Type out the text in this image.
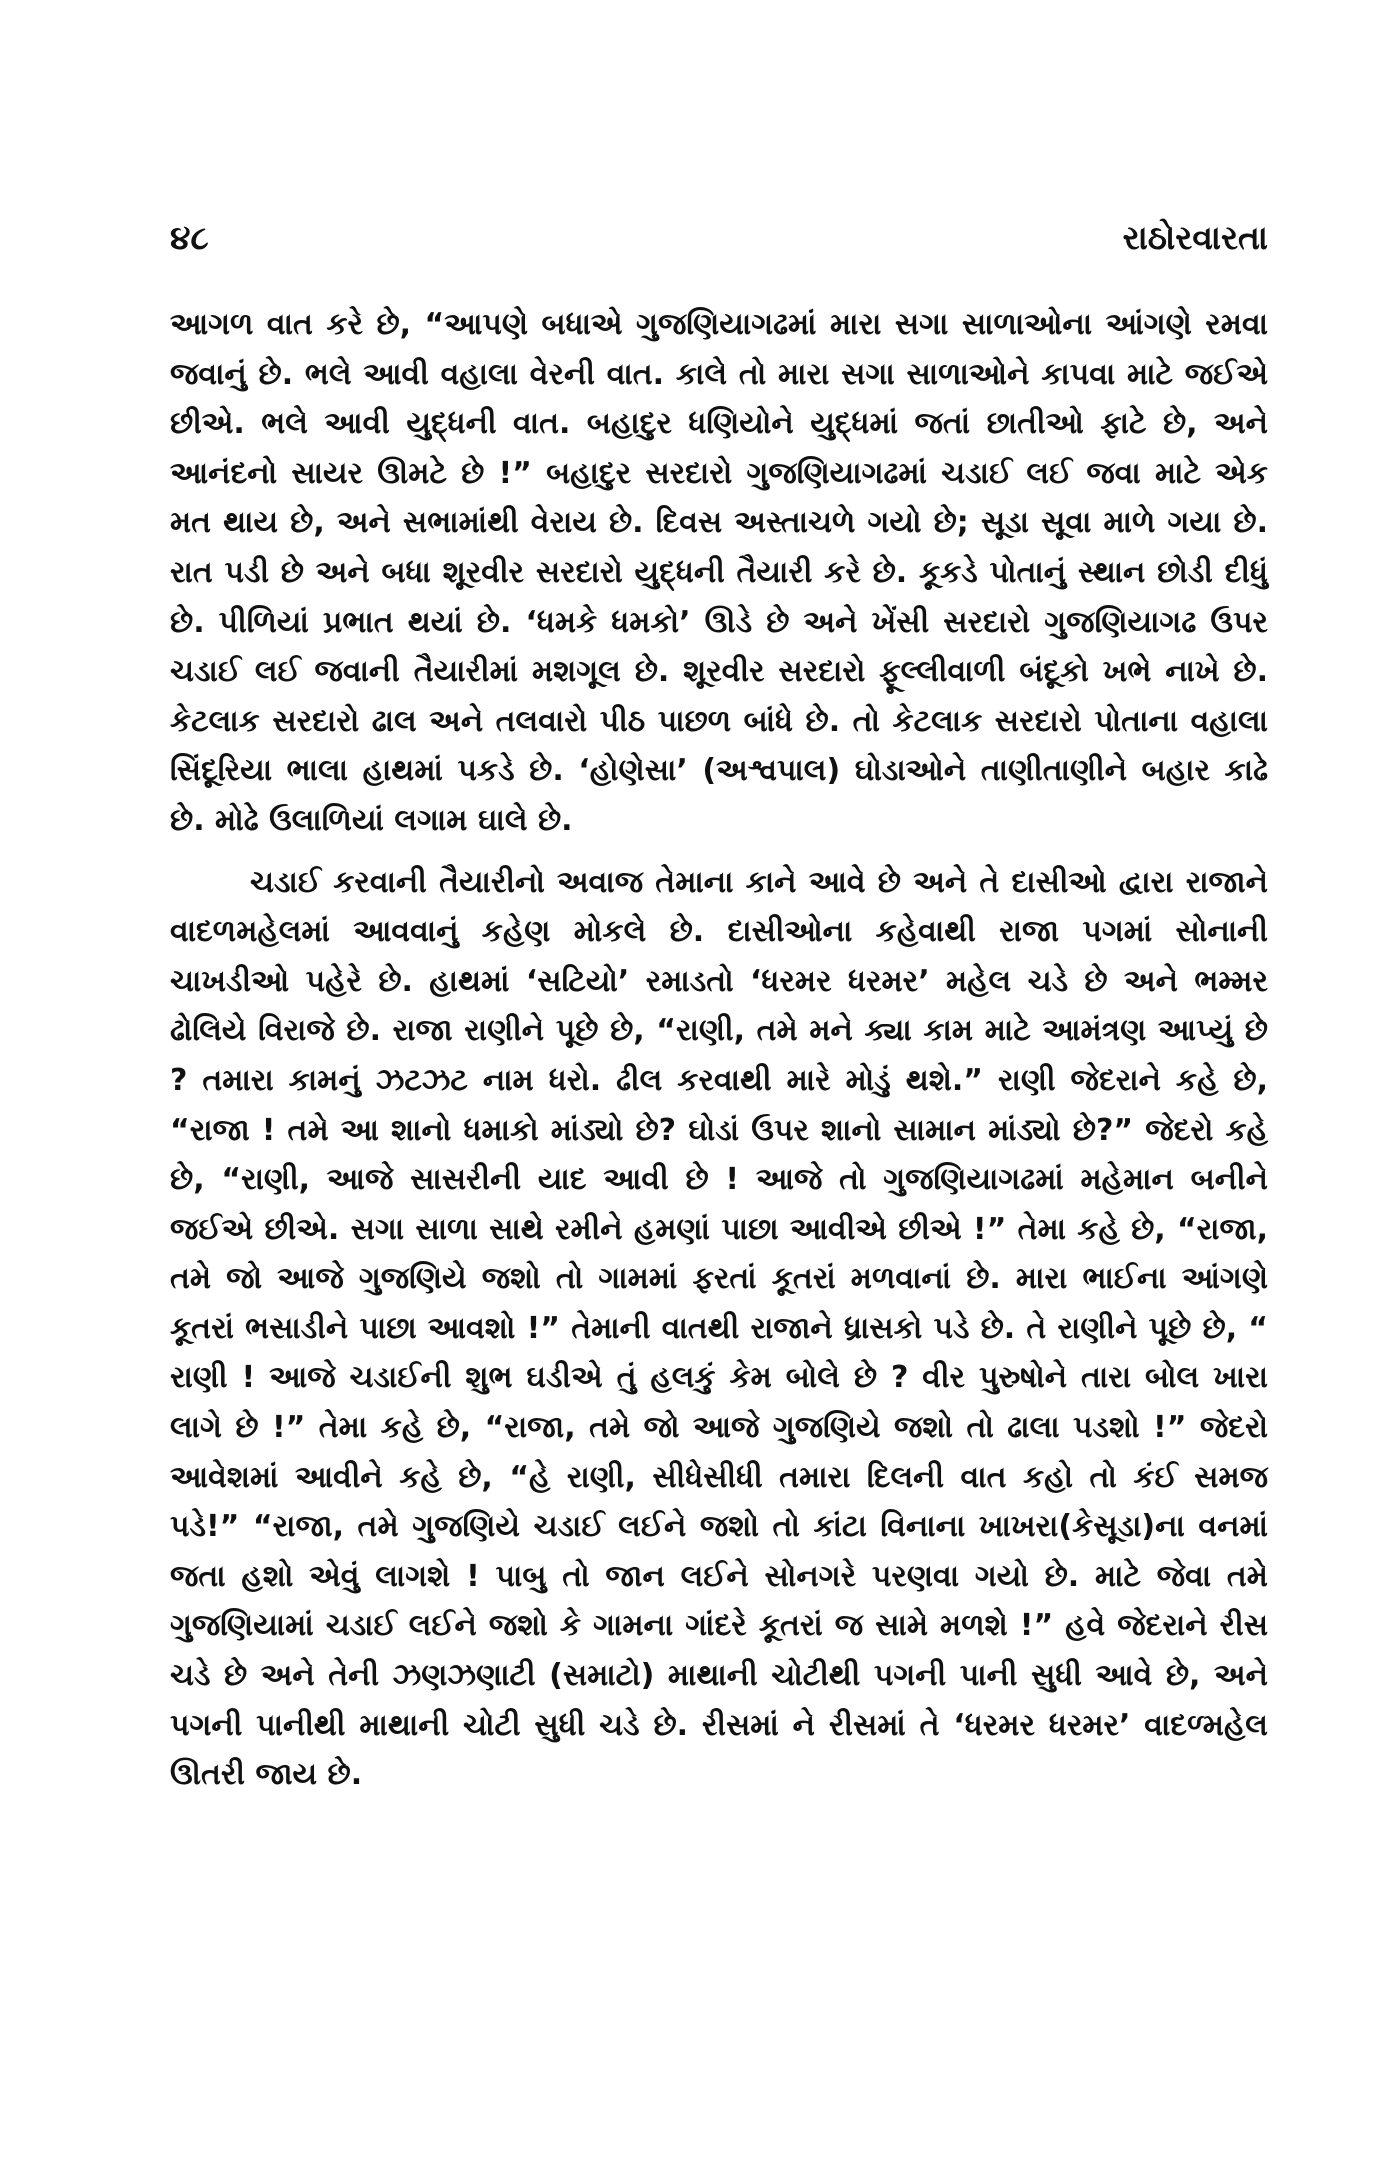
૪૮	રાઠોરવારતા

આગળ વાત કરે છે, “આપણે બધાએ ગુજણિયાગઢમાં મારા સગા સાળાઓના આંગણે રમવા જવાનું છે. ભલે આવી વહાલા વેરની વાત. કાલે તો મારા સગા સાળાઓને કાપવા માટે જઈએ છીએ. ભલે આવી યુદ્ધની વાત. બહાદુર ધણિયોને યુદ્ધમાં જતાં છાતીઓ ફાટે છે, અને આનંદનો સાયર ઊમટે છે !” બહાદુર સરદારો ગુજણિયાગઢમાં ચડાઈ લઈ જવા માટે એક મત થાય છે, અને સભામાંથી વેરાય છે. દિવસ અસ્તાચળે ગયો છે; સૂડા સૂવા માળે ગયા છે. રાત પડી છે અને બધા શૂરવીર સરદારો યુદ્ધની તૈયારી કરે છે. કૂકડે પોતાનું સ્થાન છોડી દીધું છે. પીળિયાં પ્રભાત થયાં છે. ‘ધમકે ધમકો’ ઊડે છે અને ખેંસી સરદારો ગુજણિયાગઢ ઉપર ચડાઈ લઈ જવાની તૈયારીમાં મશગૂલ છે. શૂરવીર સરદારો ફૂલ્લીવાળી બંદૂકો ખભે નાખે છે. કેટલાક સરદારો ઢાલ અને તલવારો પીઠ પાછળ બાંધે છે. તો કેટલાક સરદારો પોતાના વહાલા સિંદૂરિયા ભાલા હાથમાં પકડે છે. ‘હોણેસા’ (અશ્વપાલ) ઘોડાઓને તાણીતાણીને બહાર કાઢે છે. મોઢે ઉલાળિયાં લગામ ઘાલે છે.

ચડાઈ કરવાની તૈયારીનો અવાજ તેમાના કાને આવે છે અને તે દાસીઓ દ્વારા રાજાને વાદળમહેલમાં આવવાનું કહેણ મોકલે છે. દાસીઓના કહેવાથી રાજા પગમાં સોનાની ચાખડીઓ પહેરે છે. હાથમાં ‘સટિયો’ રમાડતો ‘ધરમર ધરમર’ મહેલ ચડે છે અને ભમ્મર ઢોલિયે વિરાજે છે. રાજા રાણીને પૂછે છે, “રાણી, તમે મને ક્યા કામ માટે આમંત્રણ આપ્યું છે ? તમારા કામનું ઝટઝટ નામ ધરો. ઢીલ કરવાથી મારે મોડું થશે.” રાણી જેદરાને કહે છે, “રાજા ! તમે આ શાનો ધમાકો માંડ્યો છે? ઘોડાં ઉપર શાનો સામાન માંડ્યો છે?” જેદરો કહે છે, “રાણી, આજે સાસરીની યાદ આવી છે ! આજે તો ગુજણિયાગઢમાં મહેમાન બનીને જઈએ છીએ. સગા સાળા સાથે રમીને હમણાં પાછા આવીએ છીએ !” તેમા કહે છે, “રાજા, તમે જો આજે ગુજણિયે જશો તો ગામમાં ફરતાં કૂતરાં મળવાનાં છે. મારા ભાઈના આંગણે કૂતરાં ભસાડીને પાછા આવશો !” તેમાની વાતથી રાજાને ધ્રાસકો પડે છે. તે રાણીને પૂછે છે, “ રાણી ! આજે ચડાઈની શુભ ઘડીએ તું હલકું કેમ બોલે છે ? વીર પુરુષોને તારા બોલ ખારા લાગે છે !” તેમા કહે છે, “રાજા, તમે જો આજે ગુજણિયે જશો તો ઢાલા પડશો !” જેદરો આવેશમાં આવીને કહે છે, “હે રાણી, સીધેસીધી તમારા દિલની વાત કહો તો કંઈ સમજ પડે!” “રાજા, તમે ગુજણિયે ચડાઈ લઈને જશો તો કાંટા વિનાના ખાખરા(કેસૂડા)ના વનમાં જતા હશો એવું લાગશે ! પાબુ તો જાન લઈને સોનગરે પરણવા ગયો છે. માટે જેવા તમે ગુજણિયામાં ચડાઈ લઈને જશો કે ગામના ગાંદરે કૂતરાં જ સામે મળશે !” હવે જેદરાને રીસ ચડે છે અને તેની ઝણઝણાટી (સમાટો) માથાની ચોટીથી પગની પાની સુધી આવે છે, અને પગની પાનીથી માથાની ચોટી સુધી ચડે છે. રીસમાં ને રીસમાં તે ‘ધરમર ધરમર’ વાદળ્મહેલ ઊતરી જાય છે.
